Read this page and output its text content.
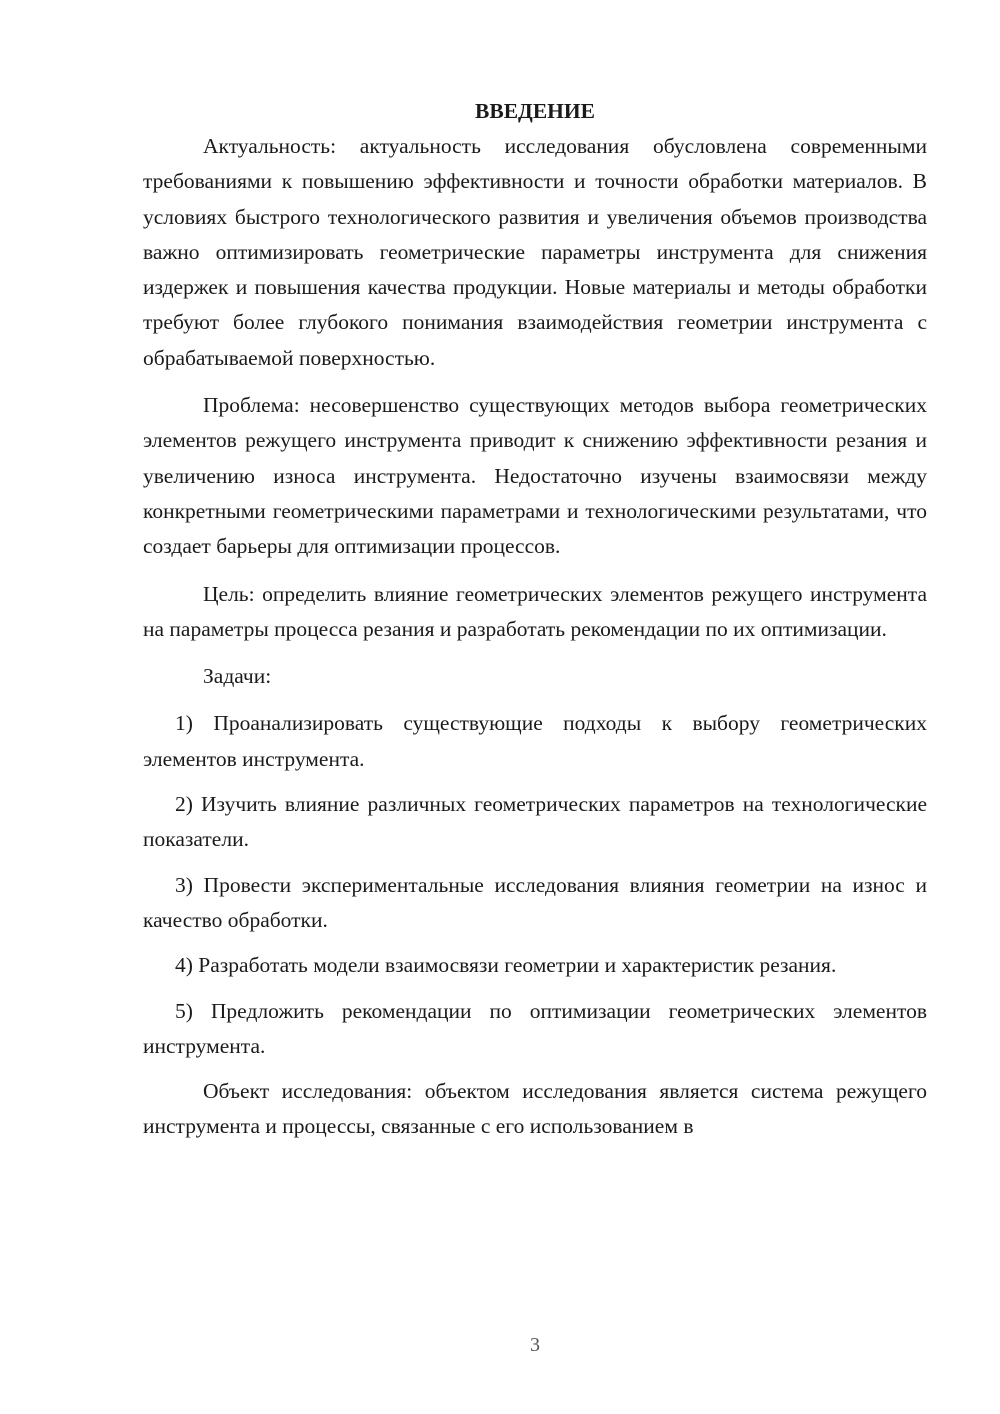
ВВЕДЕНИЕ

Актуальность: актуальность исследования обусловлена современными требованиями к повышению эффективности и точности обработки материалов. В условиях быстрого технологического развития и увеличения объемов производства важно оптимизировать геометрические параметры инструмента для снижения издержек и повышения качества продукции. Новые материалы и методы обработки требуют более глубокого понимания взаимодействия геометрии инструмента с обрабатываемой поверхностью.

Проблема: несовершенство существующих методов выбора геометрических элементов режущего инструмента приводит к снижению эффективности резания и увеличению износа инструмента. Недостаточно изучены взаимосвязи между конкретными геометрическими параметрами и технологическими результатами, что создает барьеры для оптимизации процессов.

Цель: определить влияние геометрических элементов режущего инструмента на параметры процесса резания и разработать рекомендации по их оптимизации.

Задачи:

1) Проанализировать существующие подходы к выбору геометрических элементов инструмента.

2) Изучить влияние различных геометрических параметров на технологические показатели.

3) Провести экспериментальные исследования влияния геометрии на износ и качество обработки.

4) Разработать модели взаимосвязи геометрии и характеристик резания.

5) Предложить рекомендации по оптимизации геометрических элементов инструмента.

Объект исследования: объектом исследования является система режущего инструмента и процессы, связанные с его использованием в

3
